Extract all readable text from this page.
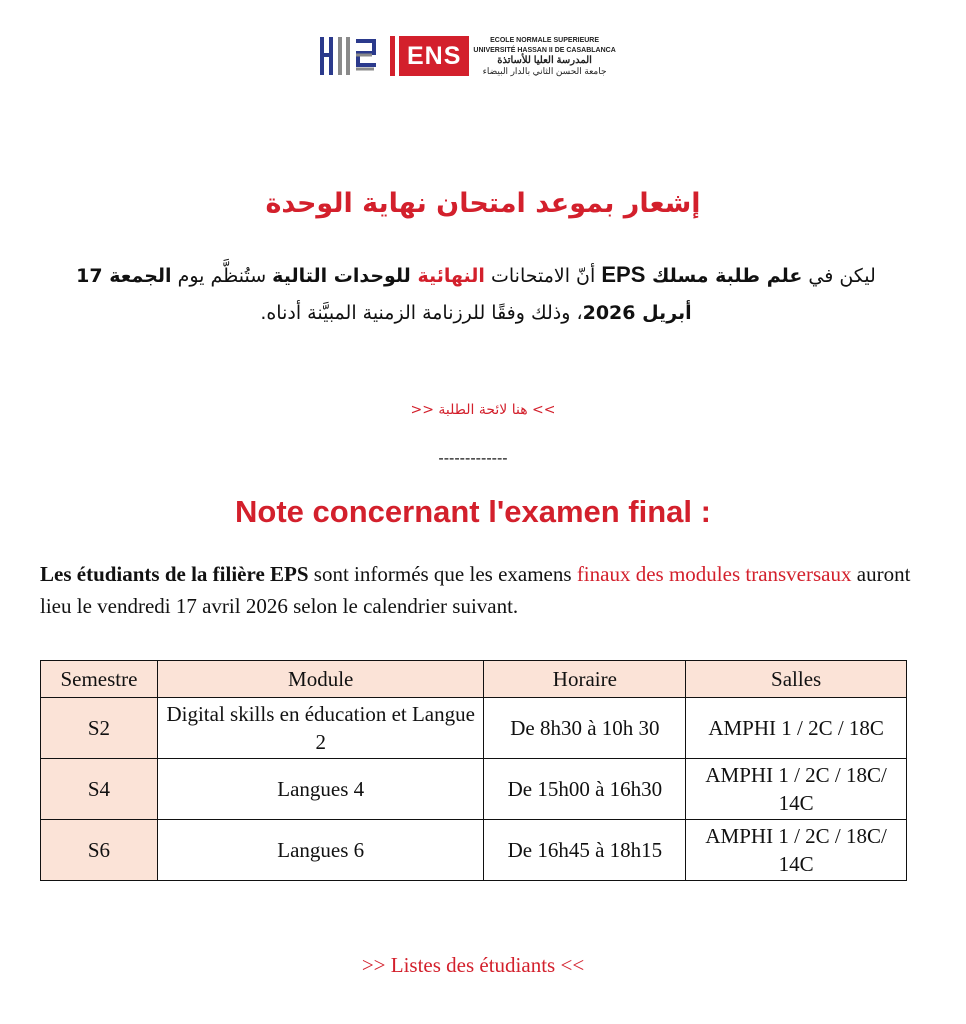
ENS
ECOLE NORMALE SUPERIEURE
UNIVERSITÉ HASSAN II DE CASABLANCA
المدرسة العليا للأساتذة
جامعة الحسن الثاني بالدار البيضاء
إشعار بموعد امتحان نهاية الوحدة
ليكن في علم طلبة مسلك EPS أنّ الامتحانات النهائية للوحدات التالية ستُنظَّم يوم الجمعة 17
أبريل 2026، وذلك وفقًا للرزنامة الزمنية المبيَّنة أدناه.
>> هنا لائحة الطلبة <<
-------------
Note concernant l'examen final :
Les étudiants de la filière EPS sont informés que les examens finaux des modules transversaux auront lieu le vendredi 17 avril 2026 selon le calendrier suivant.
Semestre	Module	Horaire	Salles
S2	Digital skills en éducation et Langue 2	De 8h30 à 10h 30	AMPHI 1 / 2C / 18C
S4	Langues 4	De 15h00 à 16h30	AMPHI 1 / 2C / 18C/ 14C
S6	Langues 6	De 16h45 à 18h15	AMPHI 1 / 2C / 18C/ 14C
>> Listes des étudiants <<
